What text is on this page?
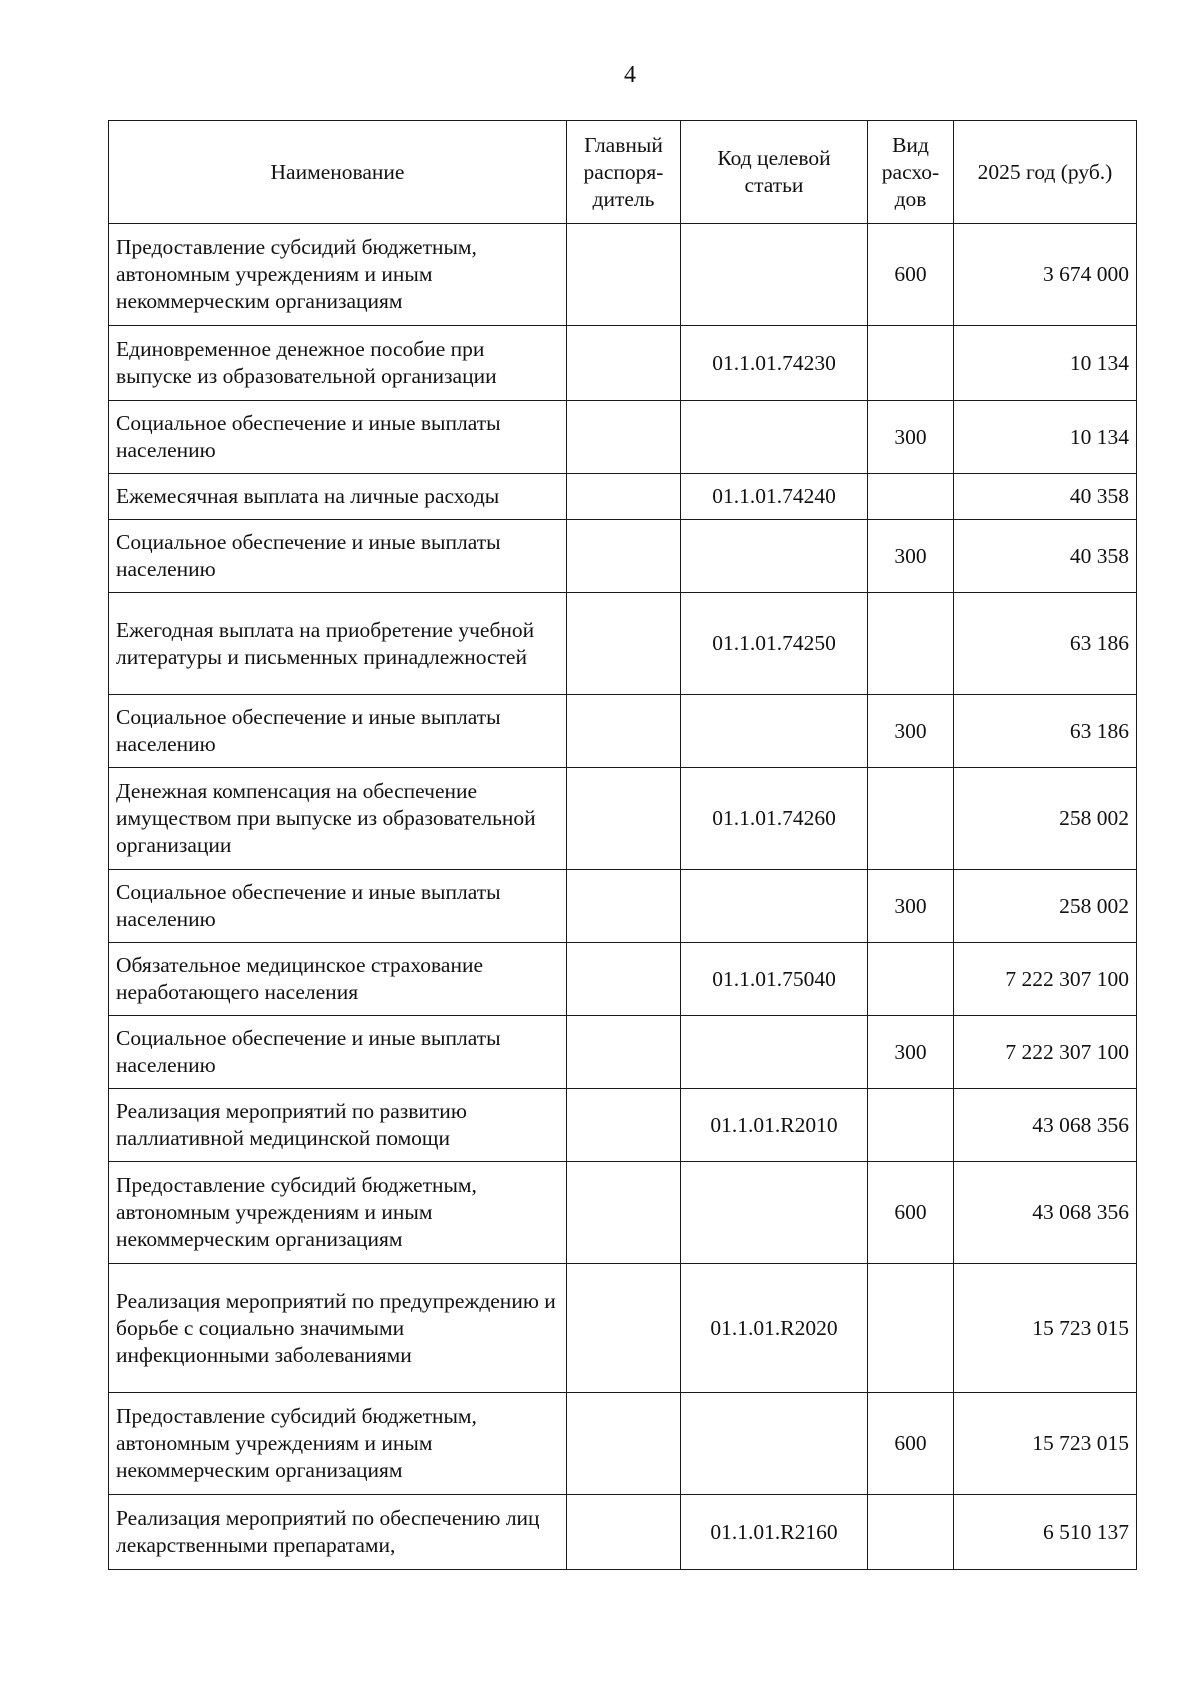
4
Наименование	Главный распоря-дитель	Код целевой статьи	Вид расхо-дов	2025 год (руб.)
Предоставление субсидий бюджетным, автономным учреждениям и иным некоммерческим организациям			600	3 674 000
Единовременное денежное пособие при выпуске из образовательной организации		01.1.01.74230		10 134
Социальное обеспечение и иные выплаты населению			300	10 134
Ежемесячная выплата на личные расходы		01.1.01.74240		40 358
Социальное обеспечение и иные выплаты населению			300	40 358
Ежегодная выплата на приобретение учебной литературы и письменных принадлежностей		01.1.01.74250		63 186
Социальное обеспечение и иные выплаты населению			300	63 186
Денежная компенсация на обеспечение имуществом при выпуске из образовательной организации		01.1.01.74260		258 002
Социальное обеспечение и иные выплаты населению			300	258 002
Обязательное медицинское страхование неработающего населения		01.1.01.75040		7 222 307 100
Социальное обеспечение и иные выплаты населению			300	7 222 307 100
Реализация мероприятий по развитию паллиативной медицинской помощи		01.1.01.R2010		43 068 356
Предоставление субсидий бюджетным, автономным учреждениям и иным некоммерческим организациям			600	43 068 356
Реализация мероприятий по предупреждению и борьбе с социально значимыми инфекционными заболеваниями		01.1.01.R2020		15 723 015
Предоставление субсидий бюджетным, автономным учреждениям и иным некоммерческим организациям			600	15 723 015
Реализация мероприятий по обеспечению лиц лекарственными препаратами,		01.1.01.R2160		6 510 137
